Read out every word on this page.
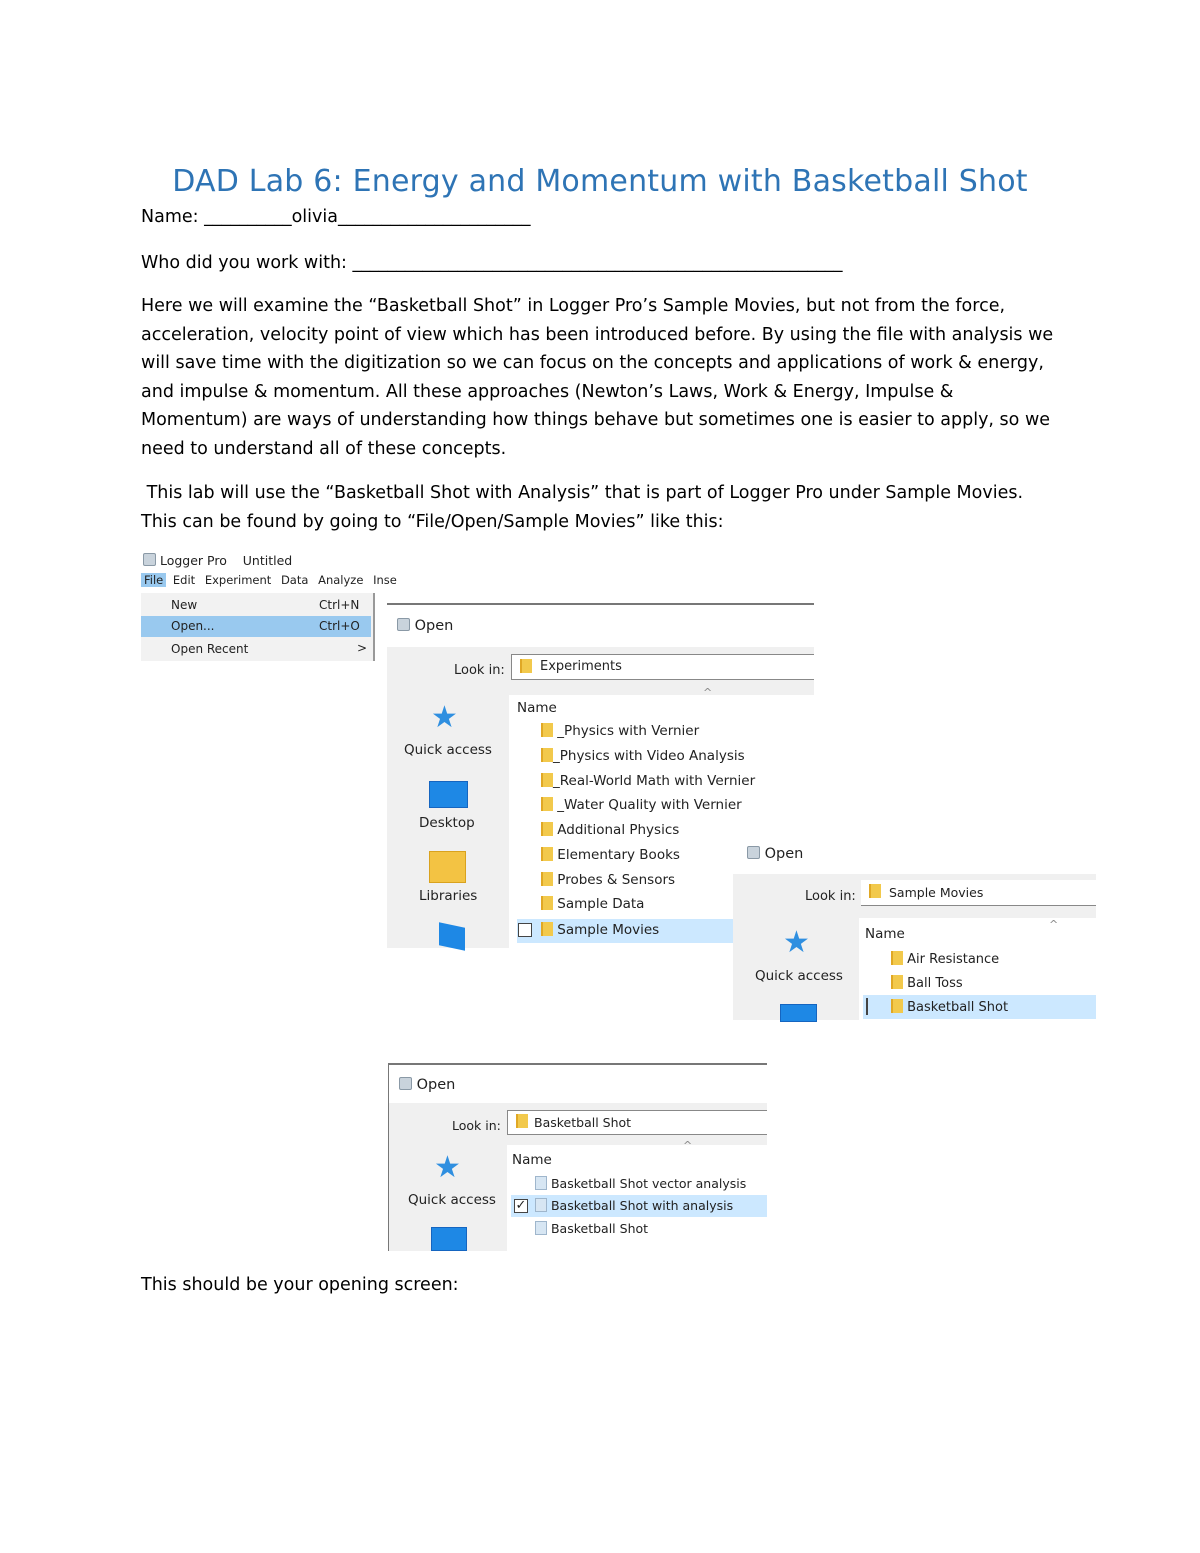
DAD Lab 6: Energy and Momentum with Basketball Shot
Name: __________olivia______________________
Who did you work with: ________________________________________________________

Here we will examine the “Basketball Shot” in Logger Pro’s Sample Movies, but not from the force,

acceleration, velocity point of view which has been introduced before. By using the file with analysis we

will save time with the digitization so we can focus on the concepts and applications of work & energy,

and impulse & momentum. All these approaches (Newton’s Laws, Work & Energy, Impulse &

Momentum) are ways of understanding how things behave but sometimes one is easier to apply, so we

need to understand all of these concepts.

This lab will use the “Basketball Shot with Analysis” that is part of Logger Pro under Sample Movies.

This can be found by going to “File/Open/Sample Movies” like this:

Logger Pro    Untitled
File Edit Experiment Data Analyze Inse
New	Ctrl+N
Open...	Ctrl+O
Open Recent	>
Open
Look in:	Experiments
★
Quick access
Desktop
Libraries
Name
^
_Physics with Vernier
_Physics with Video Analysis
_Real-World Math with Vernier
_Water Quality with Vernier
Additional Physics
Elementary Books
Probes & Sensors
Sample Data
Sample Movies
Open
Look in:	Sample Movies
★
Quick access
Name
^
Air Resistance
Ball Toss
Basketball Shot
Open
Look in:	Basketball Shot
★
Quick access
Name
^
Basketball Shot vector analysis
✓	Basketball Shot with analysis
Basketball Shot
This should be your opening screen:
